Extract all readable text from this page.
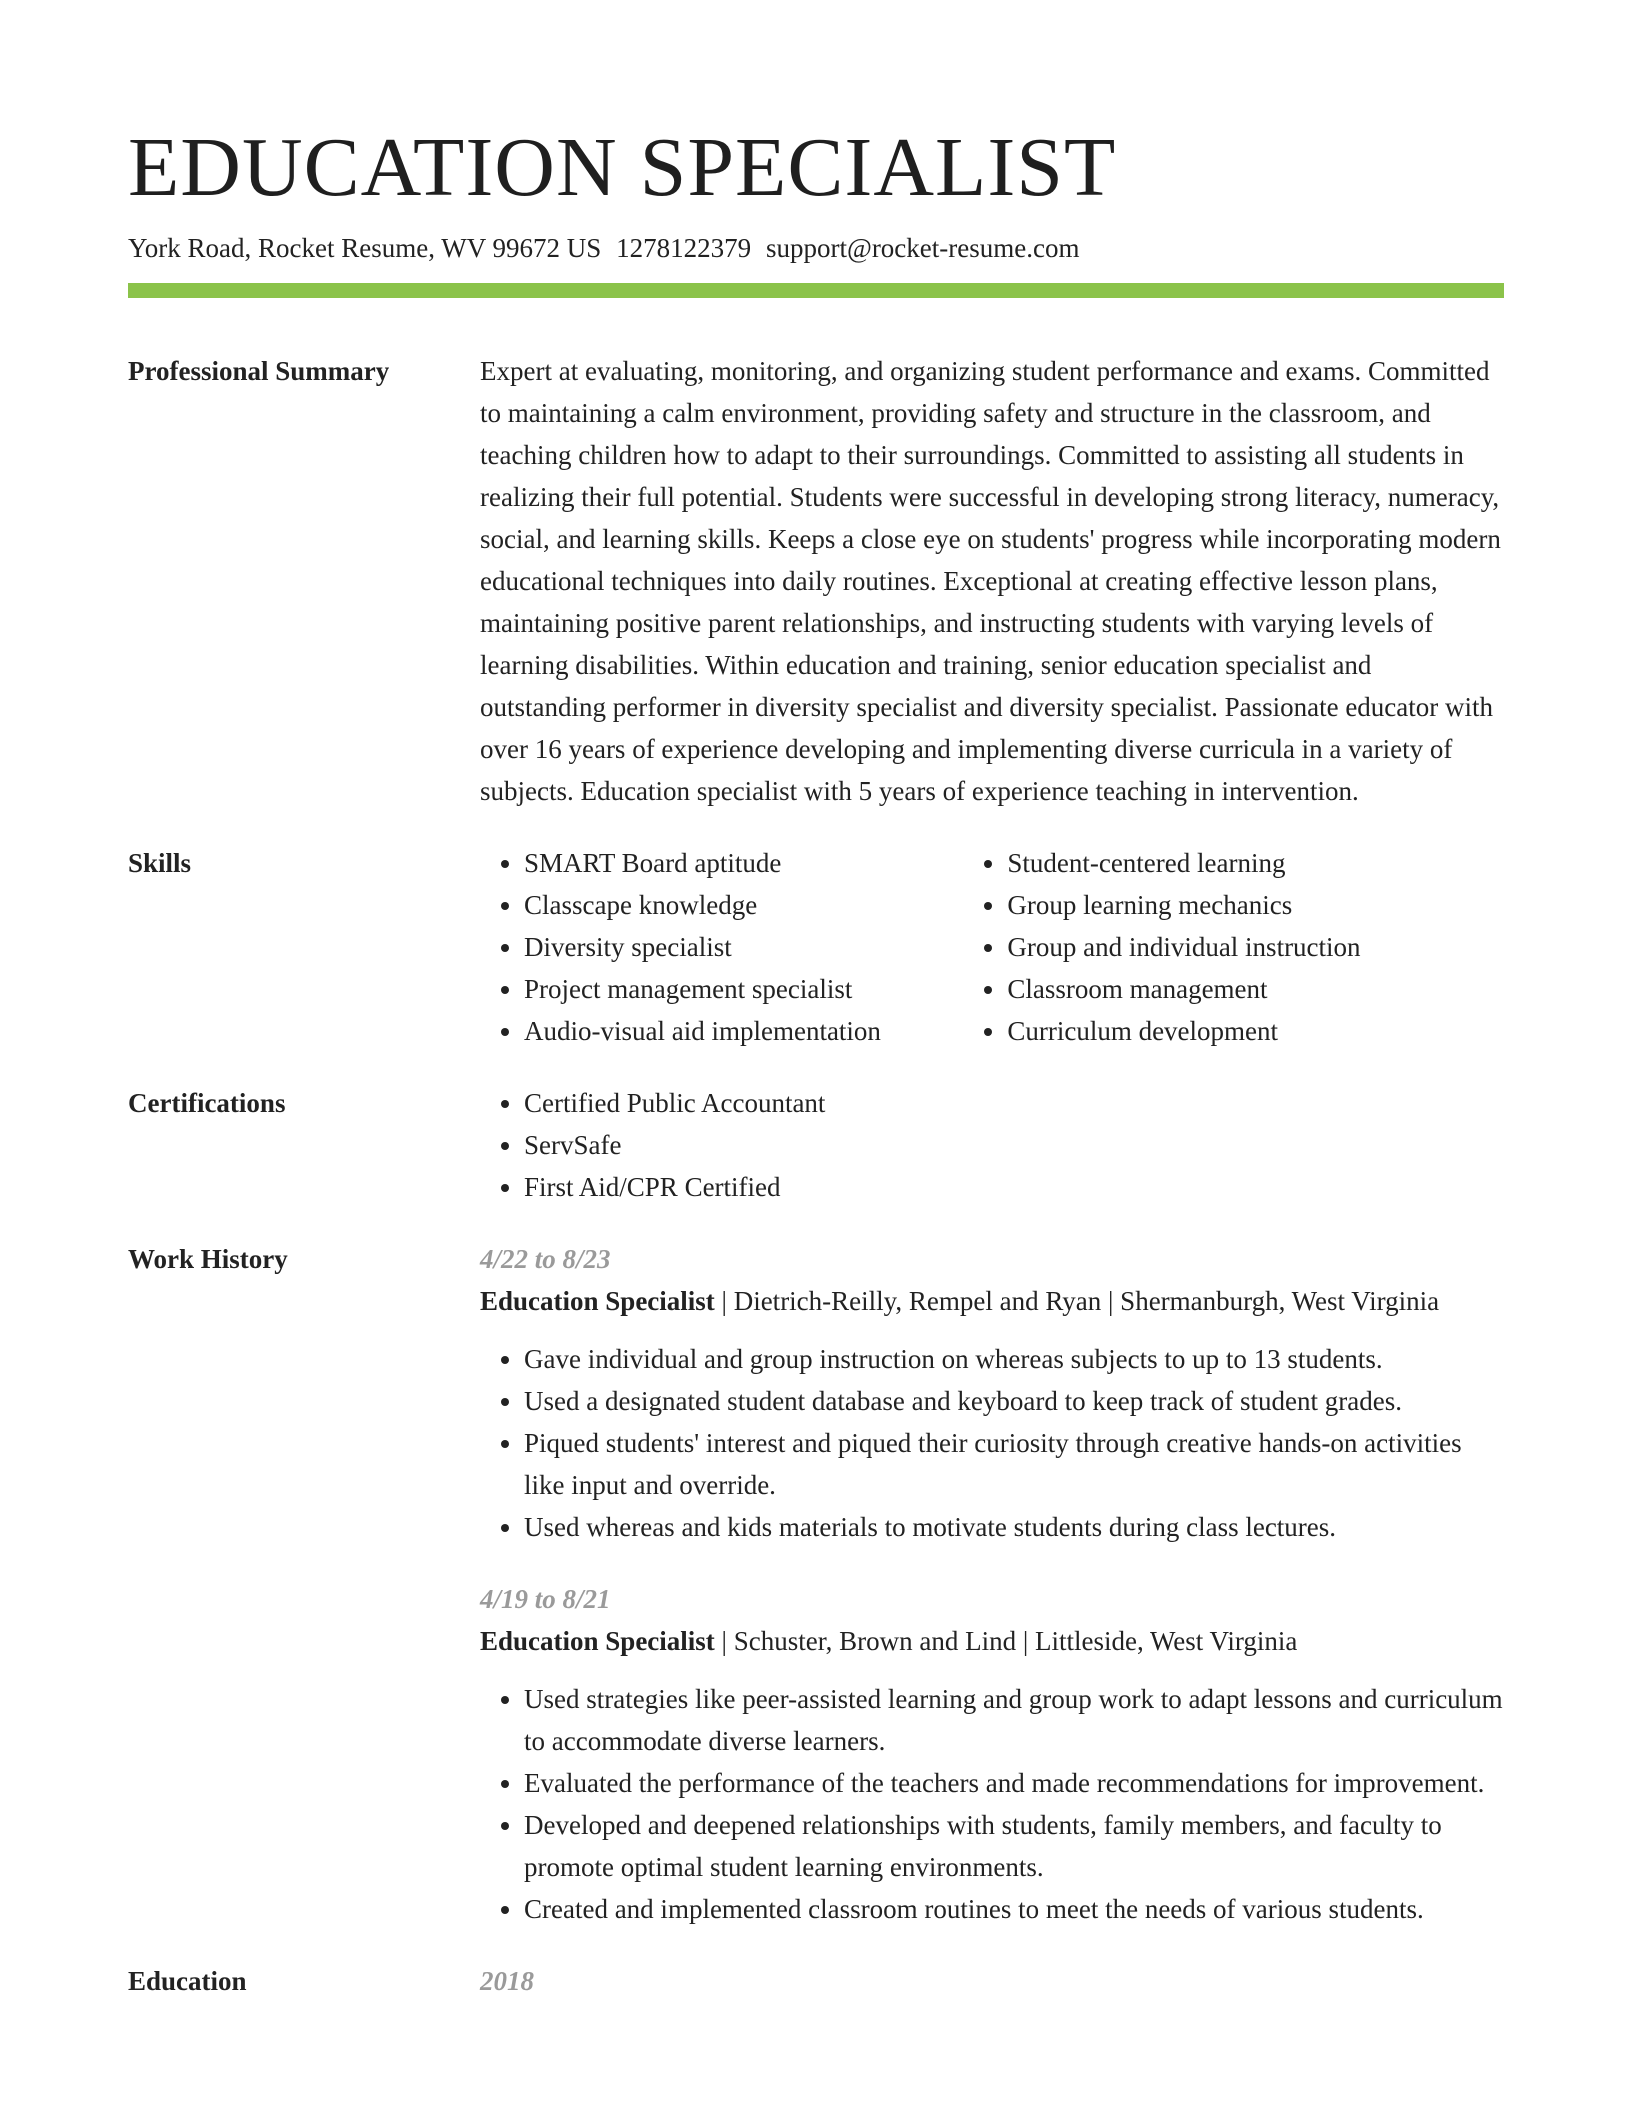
EDUCATION SPECIALIST
York Road, Rocket Resume, WV 99672 US 1278122379 support@rocket-resume.com
Professional Summary	Expert at evaluating, monitoring, and organizing student performance and exams. Committed to maintaining a calm environment, providing safety and structure in the classroom, and teaching children how to adapt to their surroundings. Committed to assisting all students in realizing their full potential. Students were successful in developing strong literacy, numeracy, social, and learning skills. Keeps a close eye on students' progress while incorporating modern educational techniques into daily routines. Exceptional at creating effective lesson plans, maintaining positive parent relationships, and instructing students with varying levels of learning disabilities. Within education and training, senior education specialist and outstanding performer in diversity specialist and diversity specialist. Passionate educator with over 16 years of experience developing and implementing diverse curricula in a variety of subjects. Education specialist with 5 years of experience teaching in intervention.

Skills	• SMART Board aptitude
• Classcape knowledge
• Diversity specialist
• Project management specialist
• Audio-visual aid implementation
• Student-centered learning
• Group learning mechanics
• Group and individual instruction
• Classroom management
• Curriculum development
Certifications	• Certified Public Accountant
• ServSafe
• First Aid/CPR Certified
Work History	4/22 to 8/23
Education Specialist | Dietrich-Reilly, Rempel and Ryan | Shermanburgh, West Virginia
• Gave individual and group instruction on whereas subjects to up to 13 students.
• Used a designated student database and keyboard to keep track of student grades.
• Piqued students' interest and piqued their curiosity through creative hands-on activities like input and override.
• Used whereas and kids materials to motivate students during class lectures.
4/19 to 8/21
Education Specialist | Schuster, Brown and Lind | Littleside, West Virginia
• Used strategies like peer-assisted learning and group work to adapt lessons and curriculum to accommodate diverse learners.
• Evaluated the performance of the teachers and made recommendations for improvement.
• Developed and deepened relationships with students, family members, and faculty to promote optimal student learning environments.
• Created and implemented classroom routines to meet the needs of various students.
Education	2018
